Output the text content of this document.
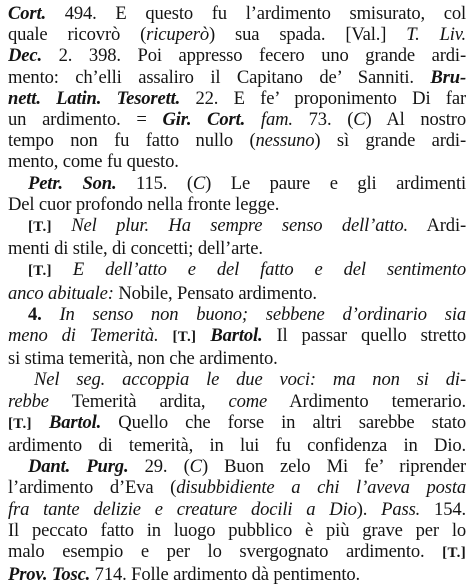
Cort. 494. E questo fu l’ardimento smisurato, col
quale ricovrò (ricuperò) sua spada. [Val.] T. Liv.
Dec. 2. 398. Poi appresso fecero uno grande ardi-
mento: ch’elli assaliro il Capitano de’ Sanniti. Bru-
nett. Latin. Tesorett. 22. E fe’ proponimento Di far
un ardimento. = Gir. Cort. fam. 73. (C) Al nostro
tempo non fu fatto nullo (nessuno) sì grande ardi-
mento, come fu questo.
Petr. Son. 115. (C) Le paure e gli ardimenti
Del cuor profondo nella fronte legge.
[T.] Nel plur. Ha sempre senso dell’atto. Ardi-
menti di stile, di concetti; dell’arte.
[T.] E dell’atto e del fatto e del sentimento
anco abituale: Nobile, Pensato ardimento.
4. In senso non buono; sebbene d’ordinario sia
meno di Temerità. [T.] Bartol. Il passar quello stretto
si stima temerità, non che ardimento.
Nel seg. accoppia le due voci: ma non si di-
rebbe Temerità ardita, come Ardimento temerario.
[T.] Bartol. Quello che forse in altri sarebbe stato
ardimento di temerità, in lui fu confidenza in Dio.
Dant. Purg. 29. (C) Buon zelo Mi fe’ riprender
l’ardimento d’Eva (disubbidiente a chi l’aveva posta
fra tante delizie e creature docili a Dio). Pass. 154.
Il peccato fatto in luogo pubblico è più grave per lo
malo esempio e per lo svergognato ardimento. [T.]
Prov. Tosc. 714. Folle ardimento dà pentimento.
